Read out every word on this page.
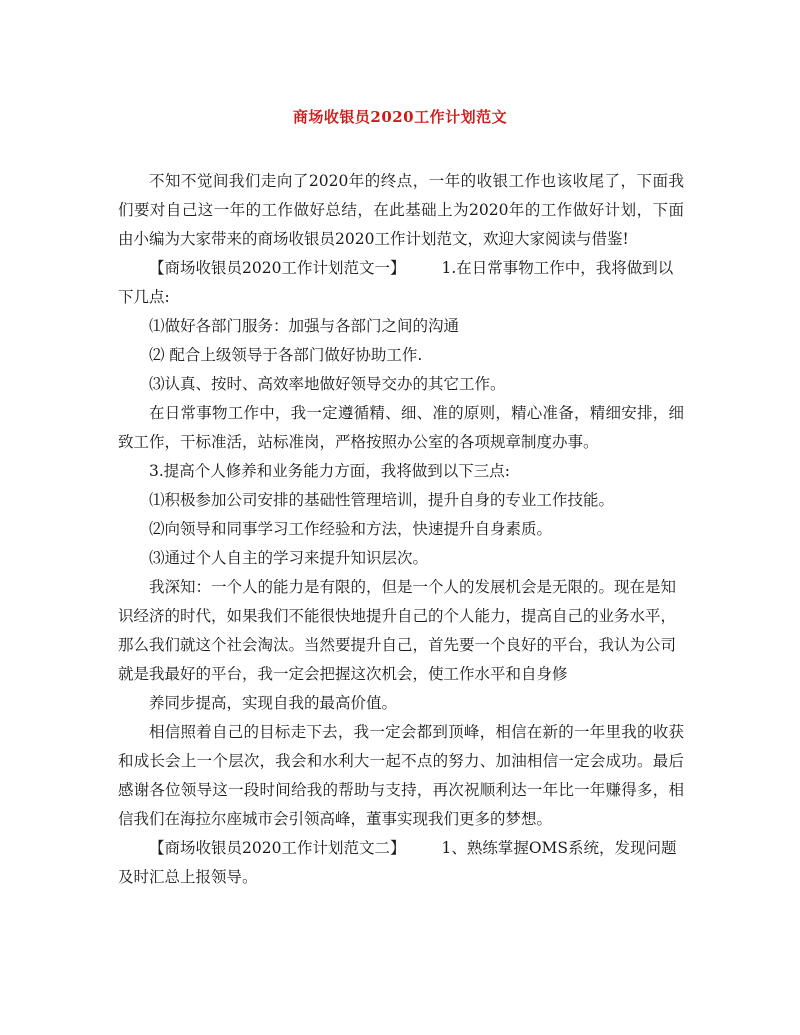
商场收银员2020工作计划范文

不知不觉间我们走向了2020年的终点，一年的收银工作也该收尾了，下面我们要对自己这一年的工作做好总结，在此基础上为2020年的工作做好计划，下面由小编为大家带来的商场收银员2020工作计划范文，欢迎大家阅读与借鉴!

【商场收银员2020工作计划范文一】 1.在日常事物工作中，我将做到以下几点:

⑴做好各部门服务：加强与各部门之间的沟通

⑵ 配合上级领导于各部门做好协助工作.

⑶认真、按时、高效率地做好领导交办的其它工作。

在日常事物工作中，我一定遵循精、细、准的原则，精心准备，精细安排，细致工作，干标准活，站标准岗，严格按照办公室的各项规章制度办事。

3.提高个人修养和业务能力方面，我将做到以下三点:

⑴积极参加公司安排的基础性管理培训，提升自身的专业工作技能。

⑵向领导和同事学习工作经验和方法，快速提升自身素质。

⑶通过个人自主的学习来提升知识层次。

我深知：一个人的能力是有限的，但是一个人的发展机会是无限的。现在是知识经济的时代，如果我们不能很快地提升自己的个人能力，提高自己的业务水平，那么我们就这个社会淘汰。当然要提升自己，首先要一个良好的平台，我认为公司就是我最好的平台，我一定会把握这次机会，使工作水平和自身修

养同步提高，实现自我的最高价值。

相信照着自己的目标走下去，我一定会都到顶峰，相信在新的一年里我的收获和成长会上一个层次，我会和水利大一起不点的努力、加油相信一定会成功。最后感谢各位领导这一段时间给我的帮助与支持，再次祝顺利达一年比一年赚得多，相信我们在海拉尔座城市会引领高峰，董事实现我们更多的梦想。

【商场收银员2020工作计划范文二】 1、熟练掌握OMS系统，发现问题及时汇总上报领导。
